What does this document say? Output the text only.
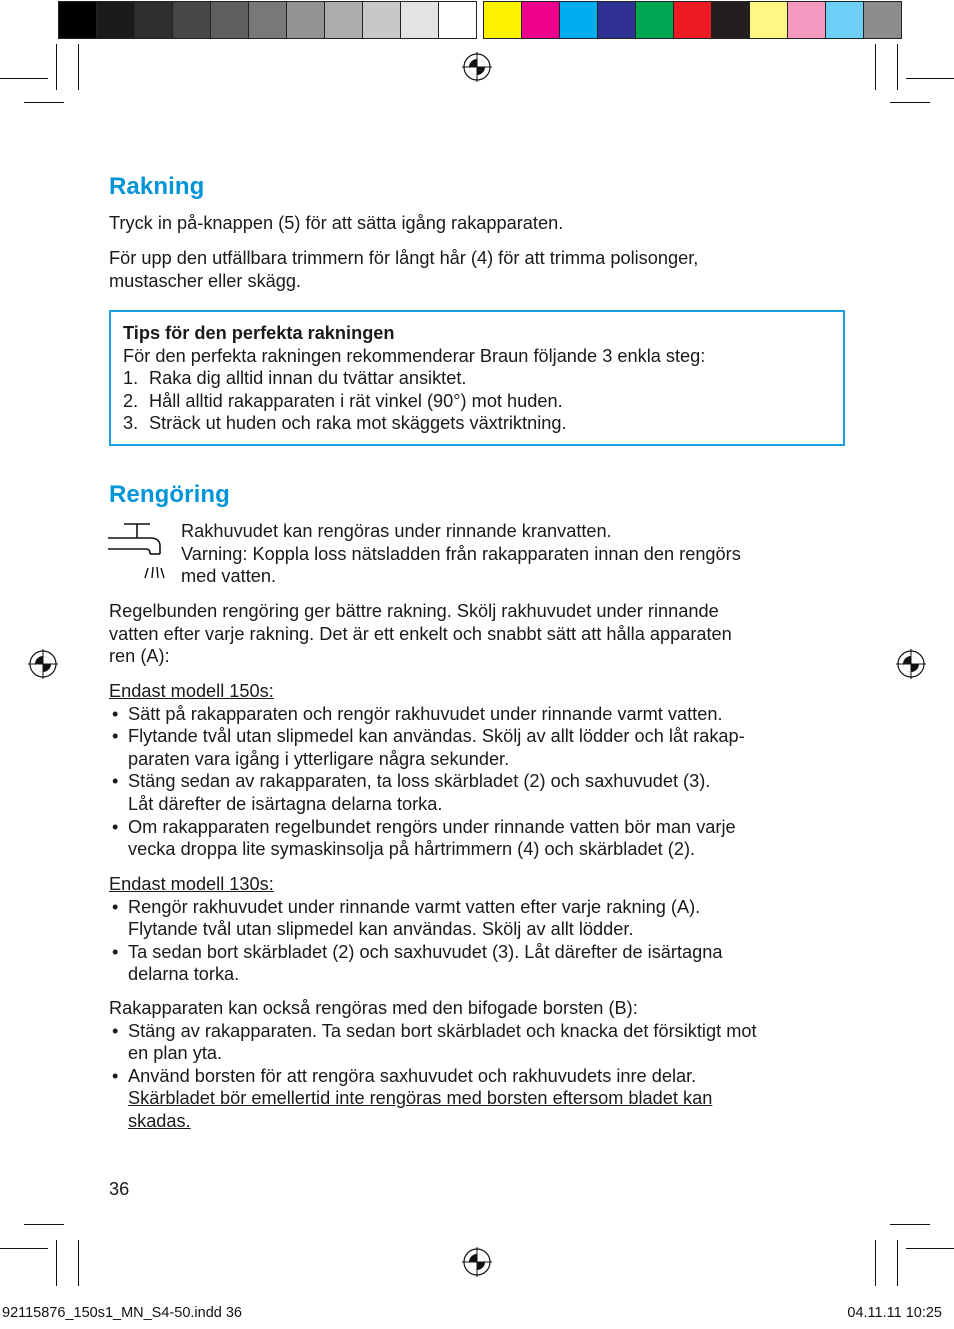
Rakning
Tryck in på-knappen (5) för att sätta igång rakapparaten.
För upp den utfällbara trimmern för långt hår (4) för att trimma polisonger,
mustascher eller skägg.
Tips för den perfekta rakningen
För den perfekta rakningen rekommenderar Braun följande 3 enkla steg:
1. Raka dig alltid innan du tvättar ansiktet.
2. Håll alltid rakapparaten i rät vinkel (90°) mot huden.
3. Sträck ut huden och raka mot skäggets växtriktning.
Rengöring
Rakhuvudet kan rengöras under rinnande kranvatten.
Varning: Koppla loss nätsladden från rakapparaten innan den rengörs
med vatten.
Regelbunden rengöring ger bättre rakning. Skölj rakhuvudet under rinnande
vatten efter varje rakning. Det är ett enkelt och snabbt sätt att hålla apparaten
ren (A):
Endast modell 150s:
• Sätt på rakapparaten och rengör rakhuvudet under rinnande varmt vatten.
• Flytande tvål utan slipmedel kan användas. Skölj av allt lödder och låt rakap-
paraten vara igång i ytterligare några sekunder.
• Stäng sedan av rakapparaten, ta loss skärbladet (2) och saxhuvudet (3).
Låt därefter de isärtagna delarna torka.
• Om rakapparaten regelbundet rengörs under rinnande vatten bör man varje
vecka droppa lite symaskinsolja på hårtrimmern (4) och skärbladet (2).
Endast modell 130s:
• Rengör rakhuvudet under rinnande varmt vatten efter varje rakning (A).
Flytande tvål utan slipmedel kan användas. Skölj av allt lödder.
• Ta sedan bort skärbladet (2) och saxhuvudet (3). Låt därefter de isärtagna
delarna torka.
Rakapparaten kan också rengöras med den bifogade borsten (B):
• Stäng av rakapparaten. Ta sedan bort skärbladet och knacka det försiktigt mot
en plan yta.
• Använd borsten för att rengöra saxhuvudet och rakhuvudets inre delar.
Skärbladet bör emellertid inte rengöras med borsten eftersom bladet kan
skadas.
36
92115876_150s1_MN_S4-50.indd 36	04.11.11 10:25
